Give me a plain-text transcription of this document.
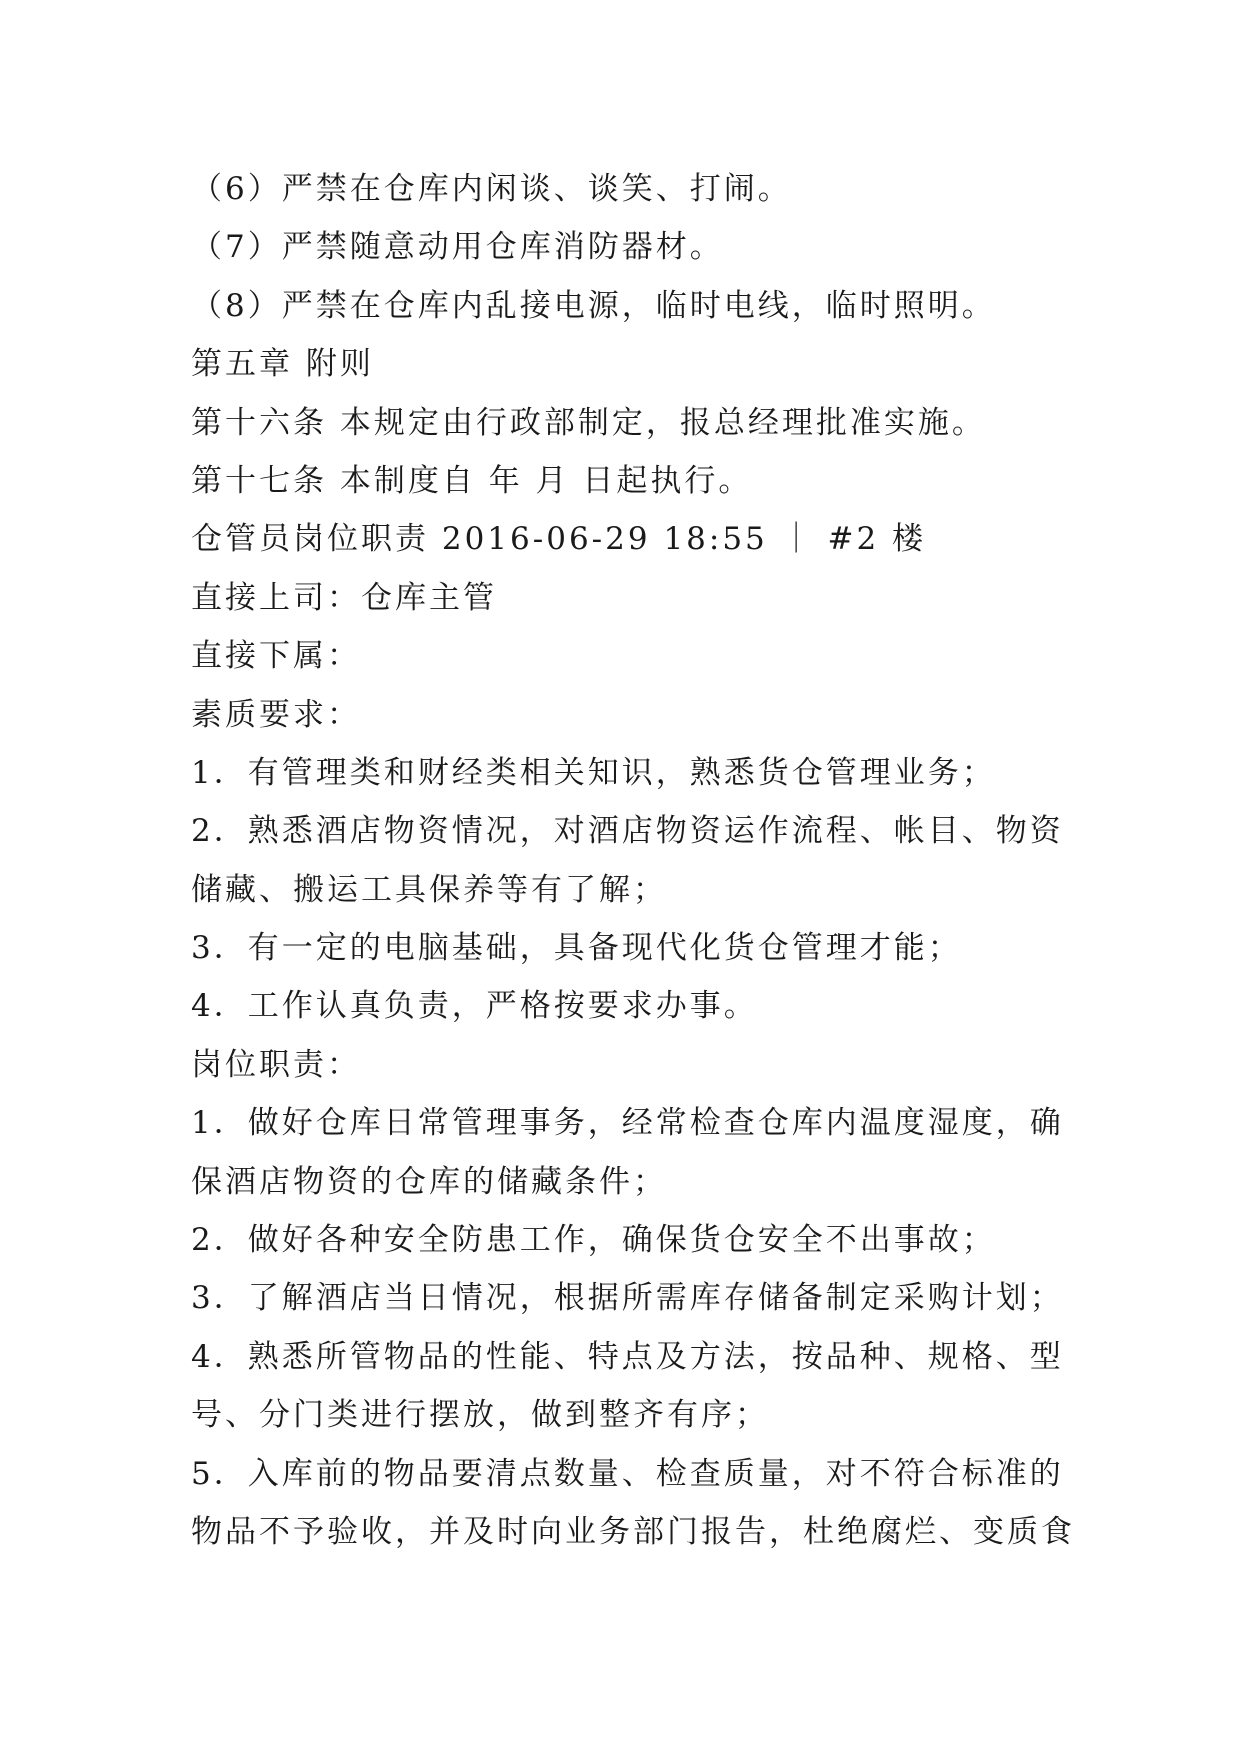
（6）严禁在仓库内闲谈、谈笑、打闹。
（7）严禁随意动用仓库消防器材。
（8）严禁在仓库内乱接电源，临时电线，临时照明。
第五章 附则
第十六条 本规定由行政部制定，报总经理批准实施。
第十七条 本制度自 年 月 日起执行。
仓管员岗位职责 2016-06-29 18:55 ｜ #2 楼
直接上司：仓库主管
直接下属：
素质要求：
1．有管理类和财经类相关知识，熟悉货仓管理业务；
2．熟悉酒店物资情况，对酒店物资运作流程、帐目、物资
储藏、搬运工具保养等有了解；
3．有一定的电脑基础，具备现代化货仓管理才能；
4．工作认真负责，严格按要求办事。
岗位职责：
1．做好仓库日常管理事务，经常检查仓库内温度湿度，确
保酒店物资的仓库的储藏条件；
2．做好各种安全防患工作，确保货仓安全不出事故；
3．了解酒店当日情况，根据所需库存储备制定采购计划；
4．熟悉所管物品的性能、特点及方法，按品种、规格、型
号、分门类进行摆放，做到整齐有序；
5．入库前的物品要清点数量、检查质量，对不符合标准的
物品不予验收，并及时向业务部门报告，杜绝腐烂、变质食
